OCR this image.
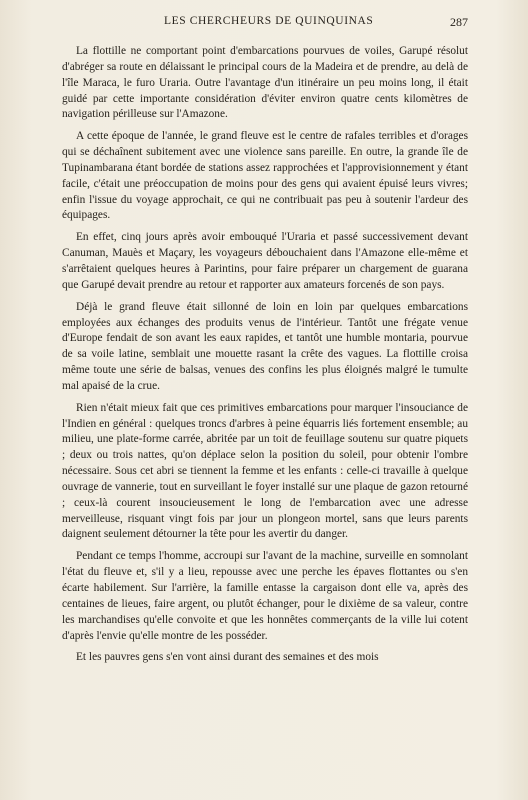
LES CHERCHEURS DE QUINQUINAS	287

La flottille ne comportant point d'embarcations pourvues de voiles, Garupé résolut d'abréger sa route en délaissant le principal cours de la Madeira et de prendre, au delà de l'île Maraca, le furo Uraria. Outre l'avantage d'un itinéraire un peu moins long, il était guidé par cette importante considération d'éviter environ quatre cents kilomètres de navigation périlleuse sur l'Amazone.

A cette époque de l'année, le grand fleuve est le centre de rafales terribles et d'orages qui se déchaînent subitement avec une violence sans pareille. En outre, la grande île de Tupinambarana étant bordée de stations assez rapprochées et l'approvisionnement y étant facile, c'était une préoccupation de moins pour des gens qui avaient épuisé leurs vivres; enfin l'issue du voyage approchait, ce qui ne contribuait pas peu à soutenir l'ardeur des équipages.

En effet, cinq jours après avoir embouqué l'Uraria et passé successivement devant Canuman, Mauès et Maçary, les voyageurs débouchaient dans l'Amazone elle-même et s'arrêtaient quelques heures à Parintins, pour faire préparer un chargement de guarana que Garupé devait prendre au retour et rapporter aux amateurs forcenés de son pays.

Déjà le grand fleuve était sillonné de loin en loin par quelques embarcations employées aux échanges des produits venus de l'intérieur. Tantôt une frégate venue d'Europe fendait de son avant les eaux rapides, et tantôt une humble montaria, pourvue de sa voile latine, semblait une mouette rasant la crête des vagues. La flottille croisa même toute une série de balsas, venues des confins les plus éloignés malgré le tumulte mal apaisé de la crue.

Rien n'était mieux fait que ces primitives embarcations pour marquer l'insouciance de l'Indien en général : quelques troncs d'arbres à peine équarris liés fortement ensemble; au milieu, une plate-forme carrée, abritée par un toit de feuillage soutenu sur quatre piquets ; deux ou trois nattes, qu'on déplace selon la position du soleil, pour obtenir l'ombre nécessaire. Sous cet abri se tiennent la femme et les enfants : celle-ci travaille à quelque ouvrage de vannerie, tout en surveillant le foyer installé sur une plaque de gazon retourné ; ceux-là courent insoucieusement le long de l'embarcation avec une adresse merveilleuse, risquant vingt fois par jour un plongeon mortel, sans que leurs parents daignent seulement détourner la tête pour les avertir du danger.

Pendant ce temps l'homme, accroupi sur l'avant de la machine, surveille en somnolant l'état du fleuve et, s'il y a lieu, repousse avec une perche les épaves flottantes ou s'en écarte habilement. Sur l'arrière, la famille entasse la cargaison dont elle va, après des centaines de lieues, faire argent, ou plutôt échanger, pour le dixième de sa valeur, contre les marchandises qu'elle convoite et que les honnêtes commerçants de la ville lui cotent d'après l'envie qu'elle montre de les posséder.

Et les pauvres gens s'en vont ainsi durant des semaines et des mois
